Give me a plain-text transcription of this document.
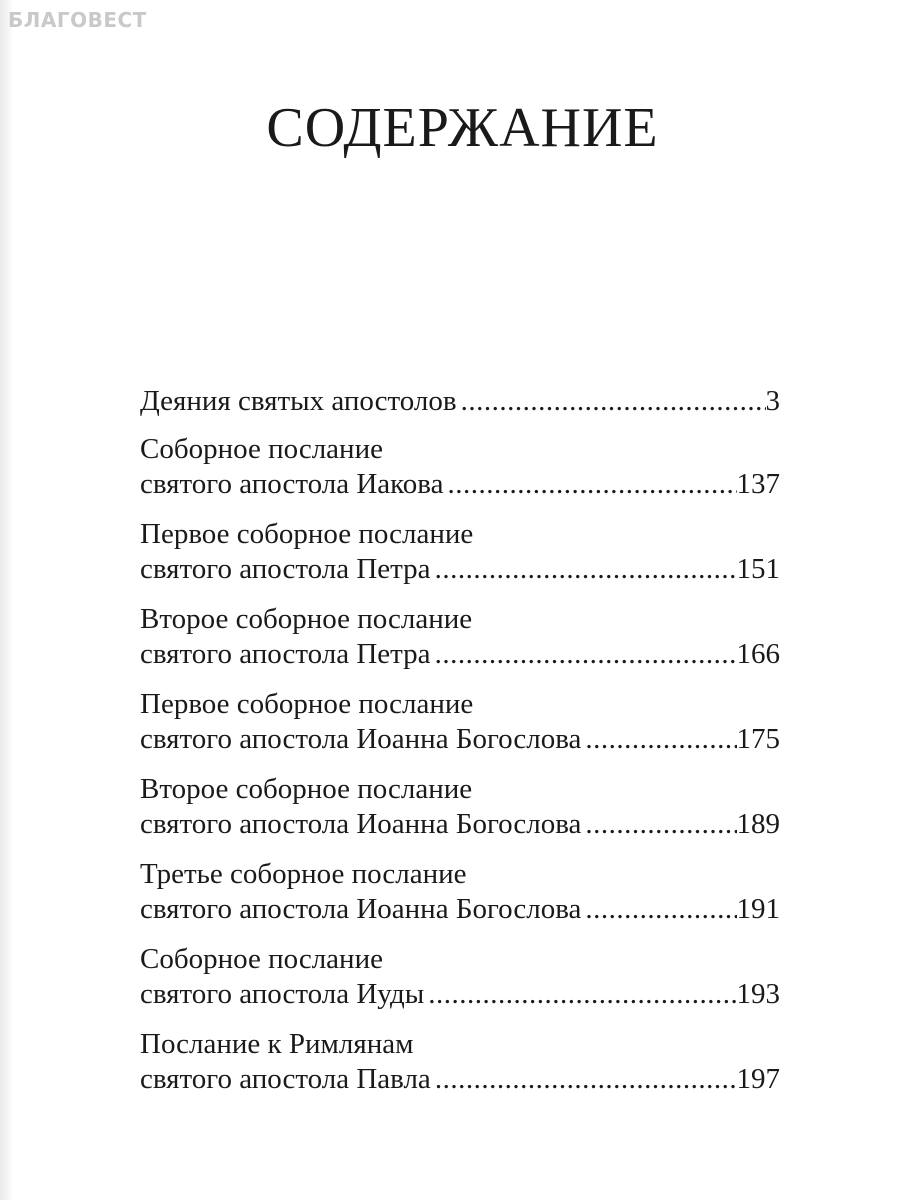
БЛАГОВЕСТ
СОДЕРЖАНИЕ
Деяния святых апостолов .....	3
Соборное послание
святого апостола Иакова .....	137
Первое соборное послание
святого апостола Петра .....	151
Второе соборное послание
святого апостола Петра .....	166
Первое соборное послание
святого апостола Иоанна Богослова .....	175
Второе соборное послание
святого апостола Иоанна Богослова .....	189
Третье соборное послание
святого апостола Иоанна Богослова .....	191
Соборное послание
святого апостола Иуды .....	193
Послание к Римлянам
святого апостола Павла .....	197
